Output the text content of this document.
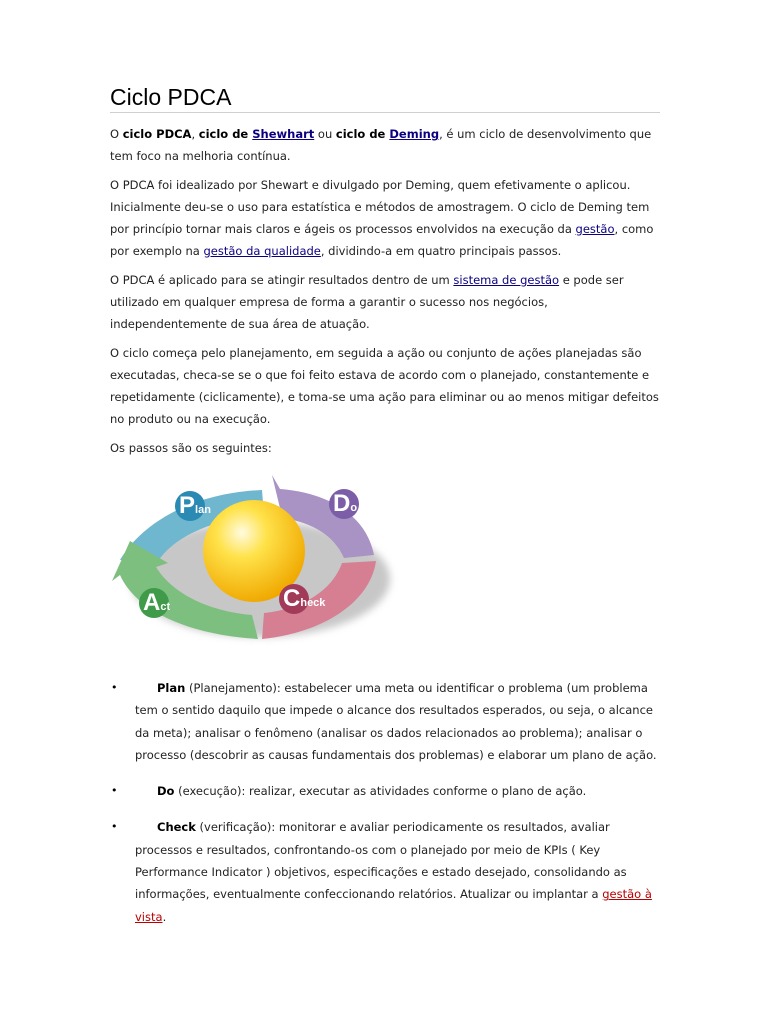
Ciclo PDCA

O ciclo PDCA, ciclo de Shewhart ou ciclo de Deming, é um ciclo de desenvolvimento que tem foco na melhoria contínua.

O PDCA foi idealizado por Shewart e divulgado por Deming, quem efetivamente o aplicou. Inicialmente deu-se o uso para estatística e métodos de amostragem. O ciclo de Deming tem por princípio tornar mais claros e ágeis os processos envolvidos na execução da gestão, como por exemplo na gestão da qualidade, dividindo-a em quatro principais passos.

O PDCA é aplicado para se atingir resultados dentro de um sistema de gestão e pode ser utilizado em qualquer empresa de forma a garantir o sucesso nos negócios, independentemente de sua área de atuação.

O ciclo começa pelo planejamento, em seguida a ação ou conjunto de ações planejadas são executadas, checa-se se o que foi feito estava de acordo com o planejado, constantemente e repetidamente (ciclicamente), e toma-se uma ação para eliminar ou ao menos mitigar defeitos no produto ou na execução.

Os passos são os seguintes:

Plan	Do
Check
Act
•	Plan (Planejamento): estabelecer uma meta ou identificar o problema (um problema tem o sentido daquilo que impede o alcance dos resultados esperados, ou seja, o alcance da meta); analisar o fenômeno (analisar os dados relacionados ao problema); analisar o processo (descobrir as causas fundamentais dos problemas) e elaborar um plano de ação.
•	Do (execução): realizar, executar as atividades conforme o plano de ação.
•	Check (verificação): monitorar e avaliar periodicamente os resultados, avaliar processos e resultados, confrontando-os com o planejado por meio de KPIs ( Key Performance Indicator ) objetivos, especificações e estado desejado, consolidando as informações, eventualmente confeccionando relatórios. Atualizar ou implantar a gestão à vista.
